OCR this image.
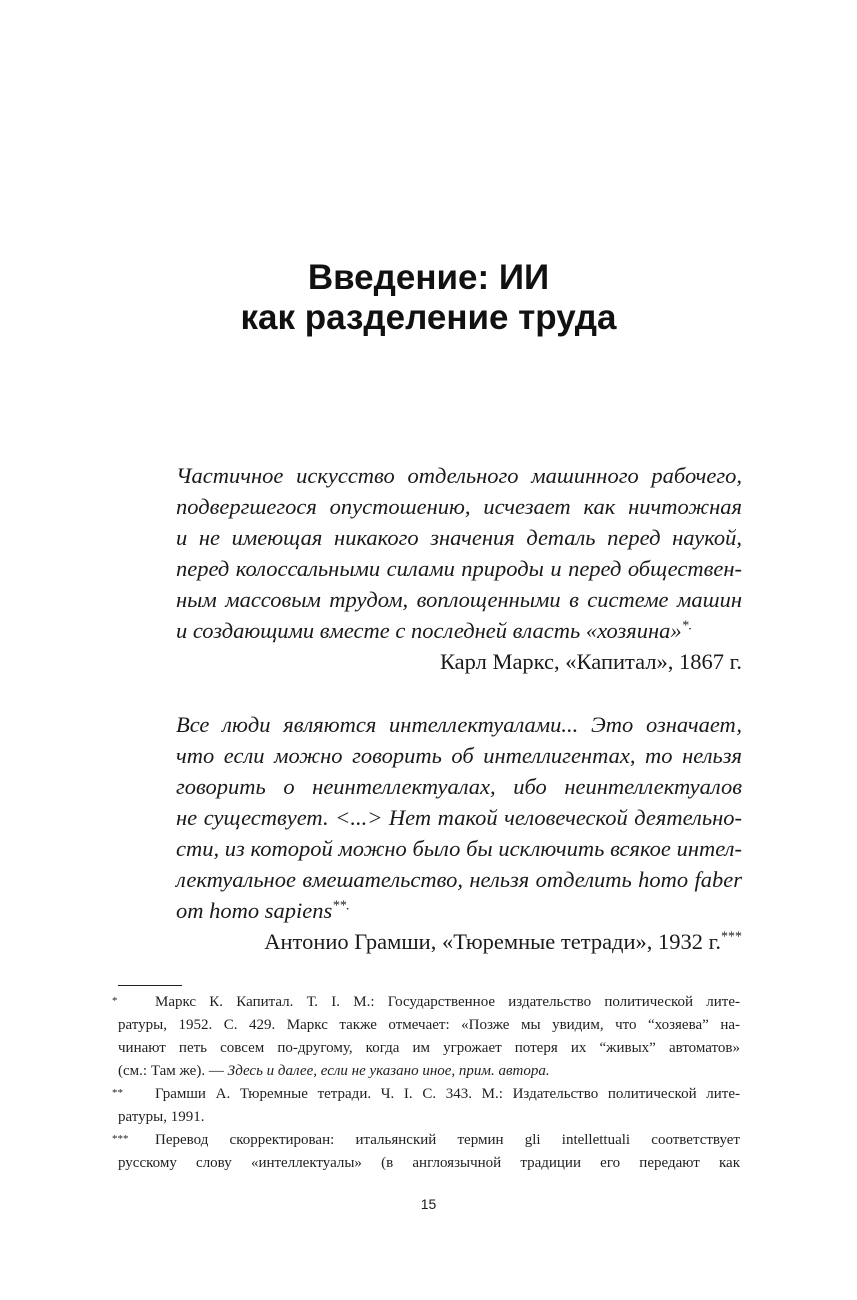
Введение: ИИ
как разделение труда
Частичное искусство отдельного машинного рабочего,
подвергшегося опустошению, исчезает как ничтожная
и не имеющая никакого значения деталь перед наукой,
перед колоссальными силами природы и перед обществен-
ным массовым трудом, воплощенными в системе машин
и создающими вместе с последней власть «хозяина»*.
Карл Маркс, «Капитал», 1867 г.
Все люди являются интеллектуалами... Это означает,
что если можно говорить об интеллигентах, то нельзя
говорить о неинтеллектуалах, ибо неинтеллектуалов
не существует. <...> Нет такой человеческой деятельно-
сти, из которой можно было бы исключить всякое интел-
лектуальное вмешательство, нельзя отделить homo faber
от homo sapiens**.
Антонио Грамши, «Тюремные тетради», 1932 г.***
*	Маркс К. Капитал. Т. I. М.: Государственное издательство политической лите-
ратуры, 1952. С. 429. Маркс также отмечает: «Позже мы увидим, что “хозяева” на-
чинают петь совсем по-другому, когда им угрожает потеря их “живых” автоматов»
(см.: Там же). — Здесь и далее, если не указано иное, прим. автора.
**	Грамши А. Тюремные тетради. Ч. I. С. 343. М.: Издательство политической лите-
ратуры, 1991.
***	Перевод скорректирован: итальянский термин gli intellettuali соответствует
русскому слову «интеллектуалы» (в англоязычной традиции его передают как
15
